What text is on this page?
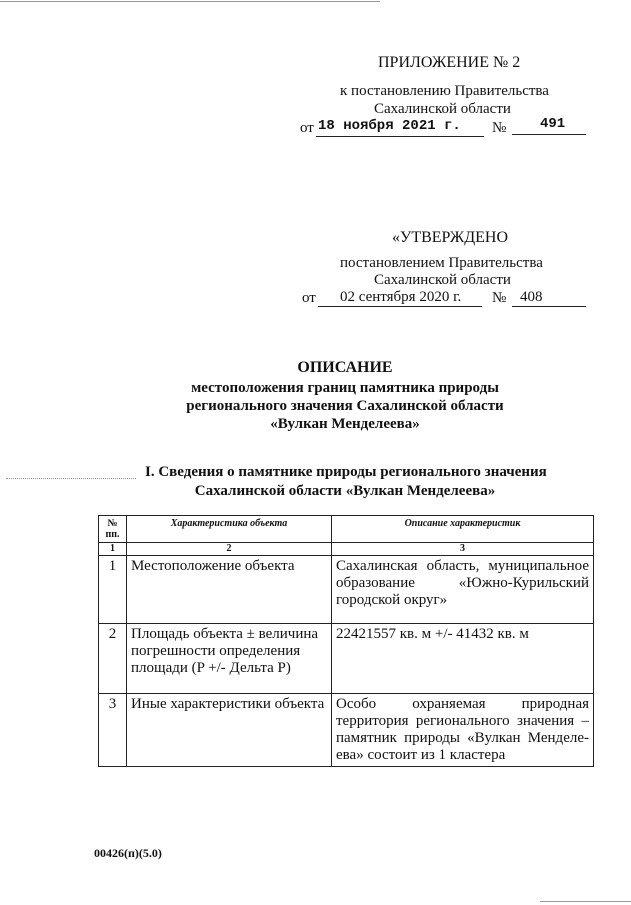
ПРИЛОЖЕНИЕ № 2
к постановлению Правительства
Сахалинской области
от 18 ноября 2021 г. № 491
«УТВЕРЖДЕНО
постановлением Правительства
Сахалинской области
от 02 сентября 2020 г. № 408
ОПИСАНИЕ
местоположения границ памятника природы
регионального значения Сахалинской области
«Вулкан Менделеева»
I. Сведения о памятнике природы регионального значения
Сахалинской области «Вулкан Менделеева»
№ пп.	Характеристика объекта	Описание характеристик
1	2	3
1	Местоположение объекта	Сахалинская область, муниципальное образование «Южно-Курильский городской округ»
2	Площадь объекта ± величина погрешности определения площади (P +/- Дельта P)	22421557 кв. м +/- 41432 кв. м
3	Иные характеристики объекта	Особо охраняемая природная территория регионального значения – памятник природы «Вулкан Менделе-ева» состоит из 1 кластера
00426(п)(5.0)
